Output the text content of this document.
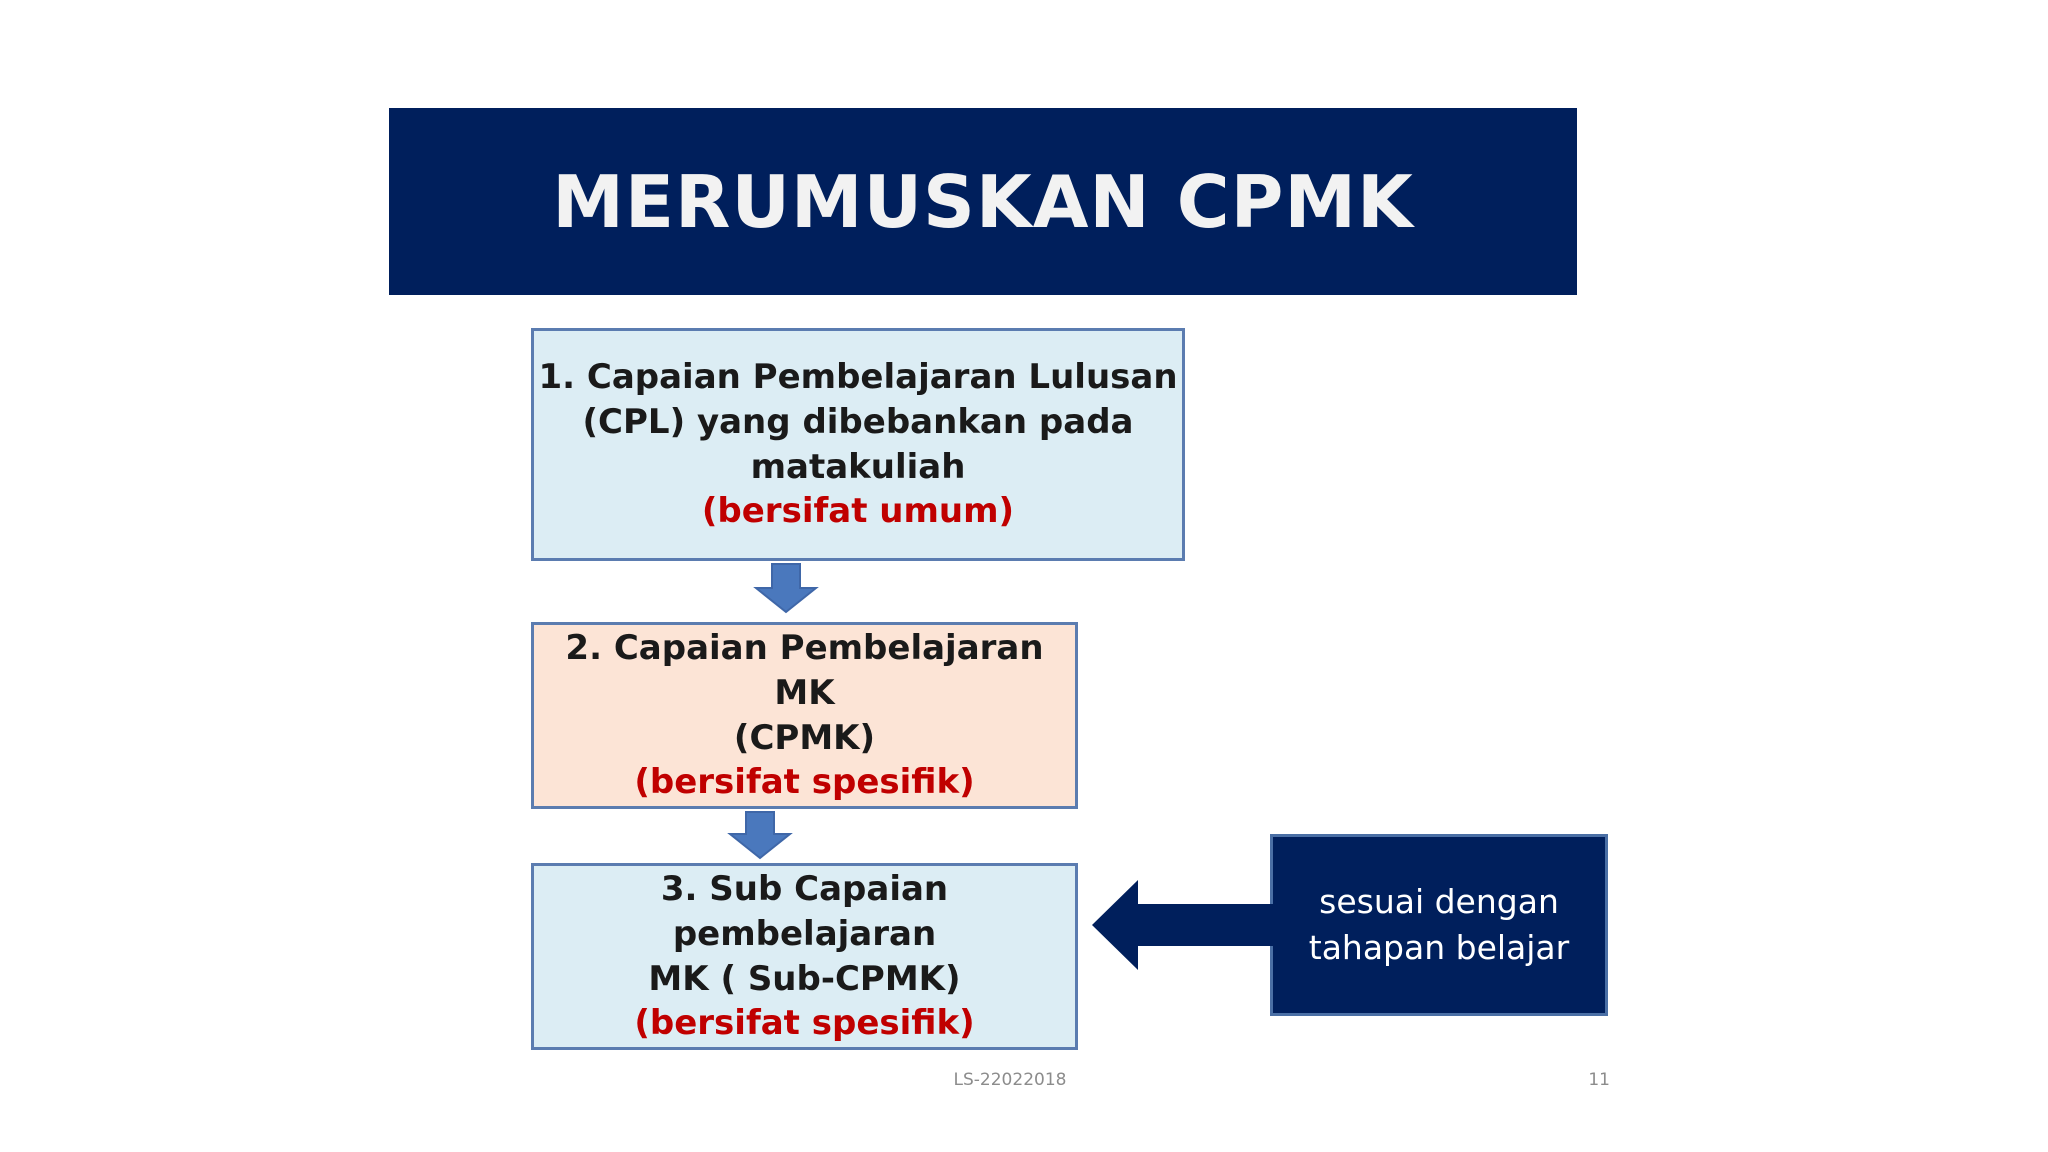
MERUMUSKAN CPMK
1. Capaian Pembelajaran Lulusan
(CPL) yang dibebankan pada
matakuliah
(bersifat umum)
2. Capaian Pembelajaran MK
(CPMK)
(bersifat spesifik)
3. Sub Capaian pembelajaran
MK ( Sub-CPMK)
(bersifat spesifik)
sesuai dengan
tahapan belajar
LS-22022018	11
